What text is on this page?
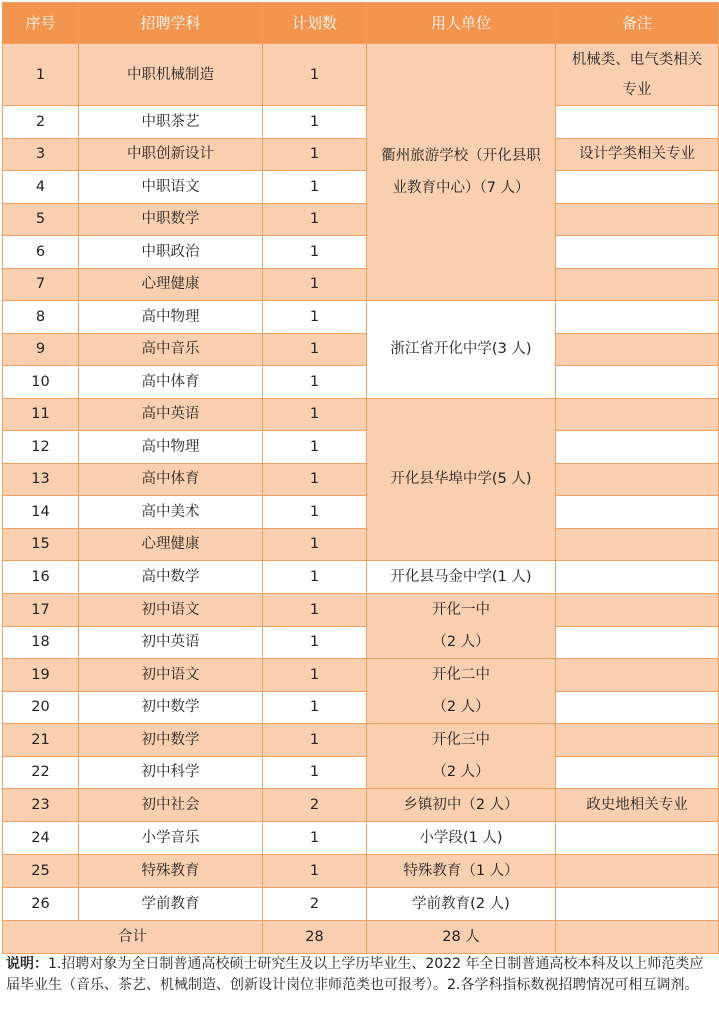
序号	招聘学科	计划数	用人单位	备注
1	中职机械制造	1	衢州旅游学校（开化县职业教育中心）（7 人）	机械类、电气类相关专业
2	中职茶艺	1		
3	中职创新设计	1		设计学类相关专业
4	中职语文	1		
5	中职数学	1		
6	中职政治	1		
7	心理健康	1		
8	高中物理	1	浙江省开化中学(3 人)	
9	高中音乐	1		
10	高中体育	1		
11	高中英语	1	开化县华埠中学(5 人)	
12	高中物理	1		
13	高中体育	1		
14	高中美术	1		
15	心理健康	1		
16	高中数学	1	开化县马金中学(1 人)	
17	初中语文	1	开化一中
（2 人）	
18	初中英语	1		
19	初中语文	1	开化二中
（2 人）	
20	初中数学	1		
21	初中数学	1	开化三中
（2 人）	
22	初中科学	1		
23	初中社会	2	乡镇初中（2 人）	政史地相关专业
24	小学音乐	1	小学段(1 人)	
25	特殊教育	1	特殊教育（1 人）	
26	学前教育	2	学前教育(2 人)	
合计		28	28 人	
说明：1.招聘对象为全日制普通高校硕士研究生及以上学历毕业生、2022 年全日制普通高校本科及以上师范类应届毕业生（音乐、茶艺、机械制造、创新设计岗位非师范类也可报考）。2.各学科指标数视招聘情况可相互调剂。
